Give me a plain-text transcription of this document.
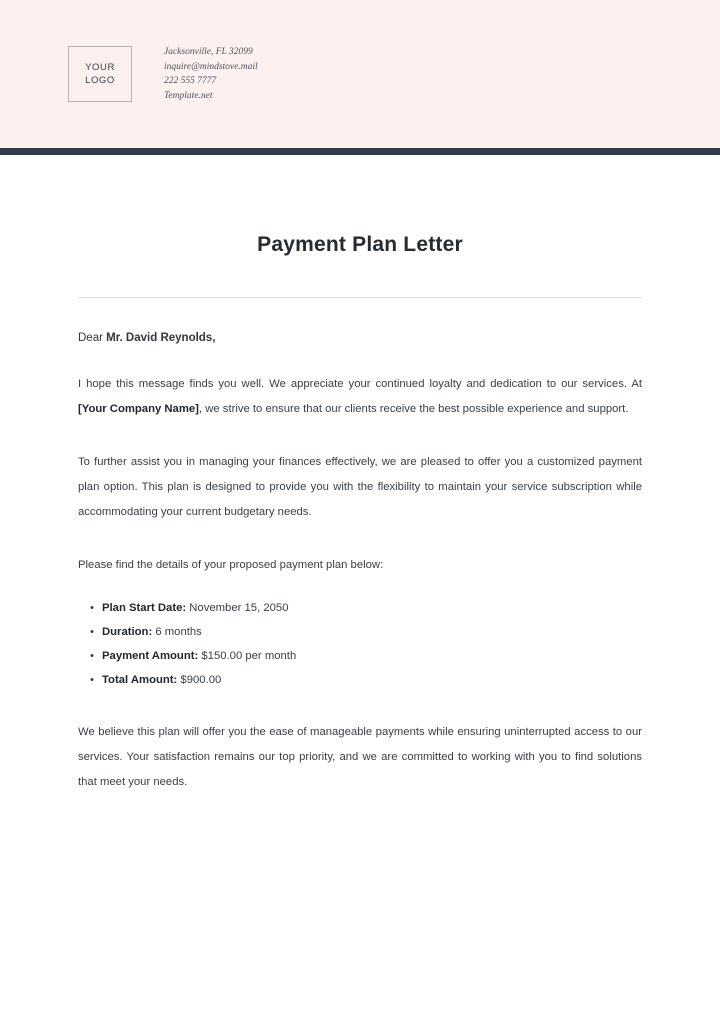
YOUR
LOGO
Jacksonville, FL 32099
inquire@mindstove.mail
222 555 7777
Template.net
Payment Plan Letter
Dear Mr. David Reynolds,

I hope this message finds you well. We appreciate your continued loyalty and dedication to our services. At [Your Company Name], we strive to ensure that our clients receive the best possible experience and support.

To further assist you in managing your finances effectively, we are pleased to offer you a customized payment plan option. This plan is designed to provide you with the flexibility to maintain your service subscription while accommodating your current budgetary needs.

Please find the details of your proposed payment plan below:

• Plan Start Date: November 15, 2050
• Duration: 6 months
• Payment Amount: $150.00 per month
• Total Amount: $900.00

We believe this plan will offer you the ease of manageable payments while ensuring uninterrupted access to our services. Your satisfaction remains our top priority, and we are committed to working with you to find solutions that meet your needs.
